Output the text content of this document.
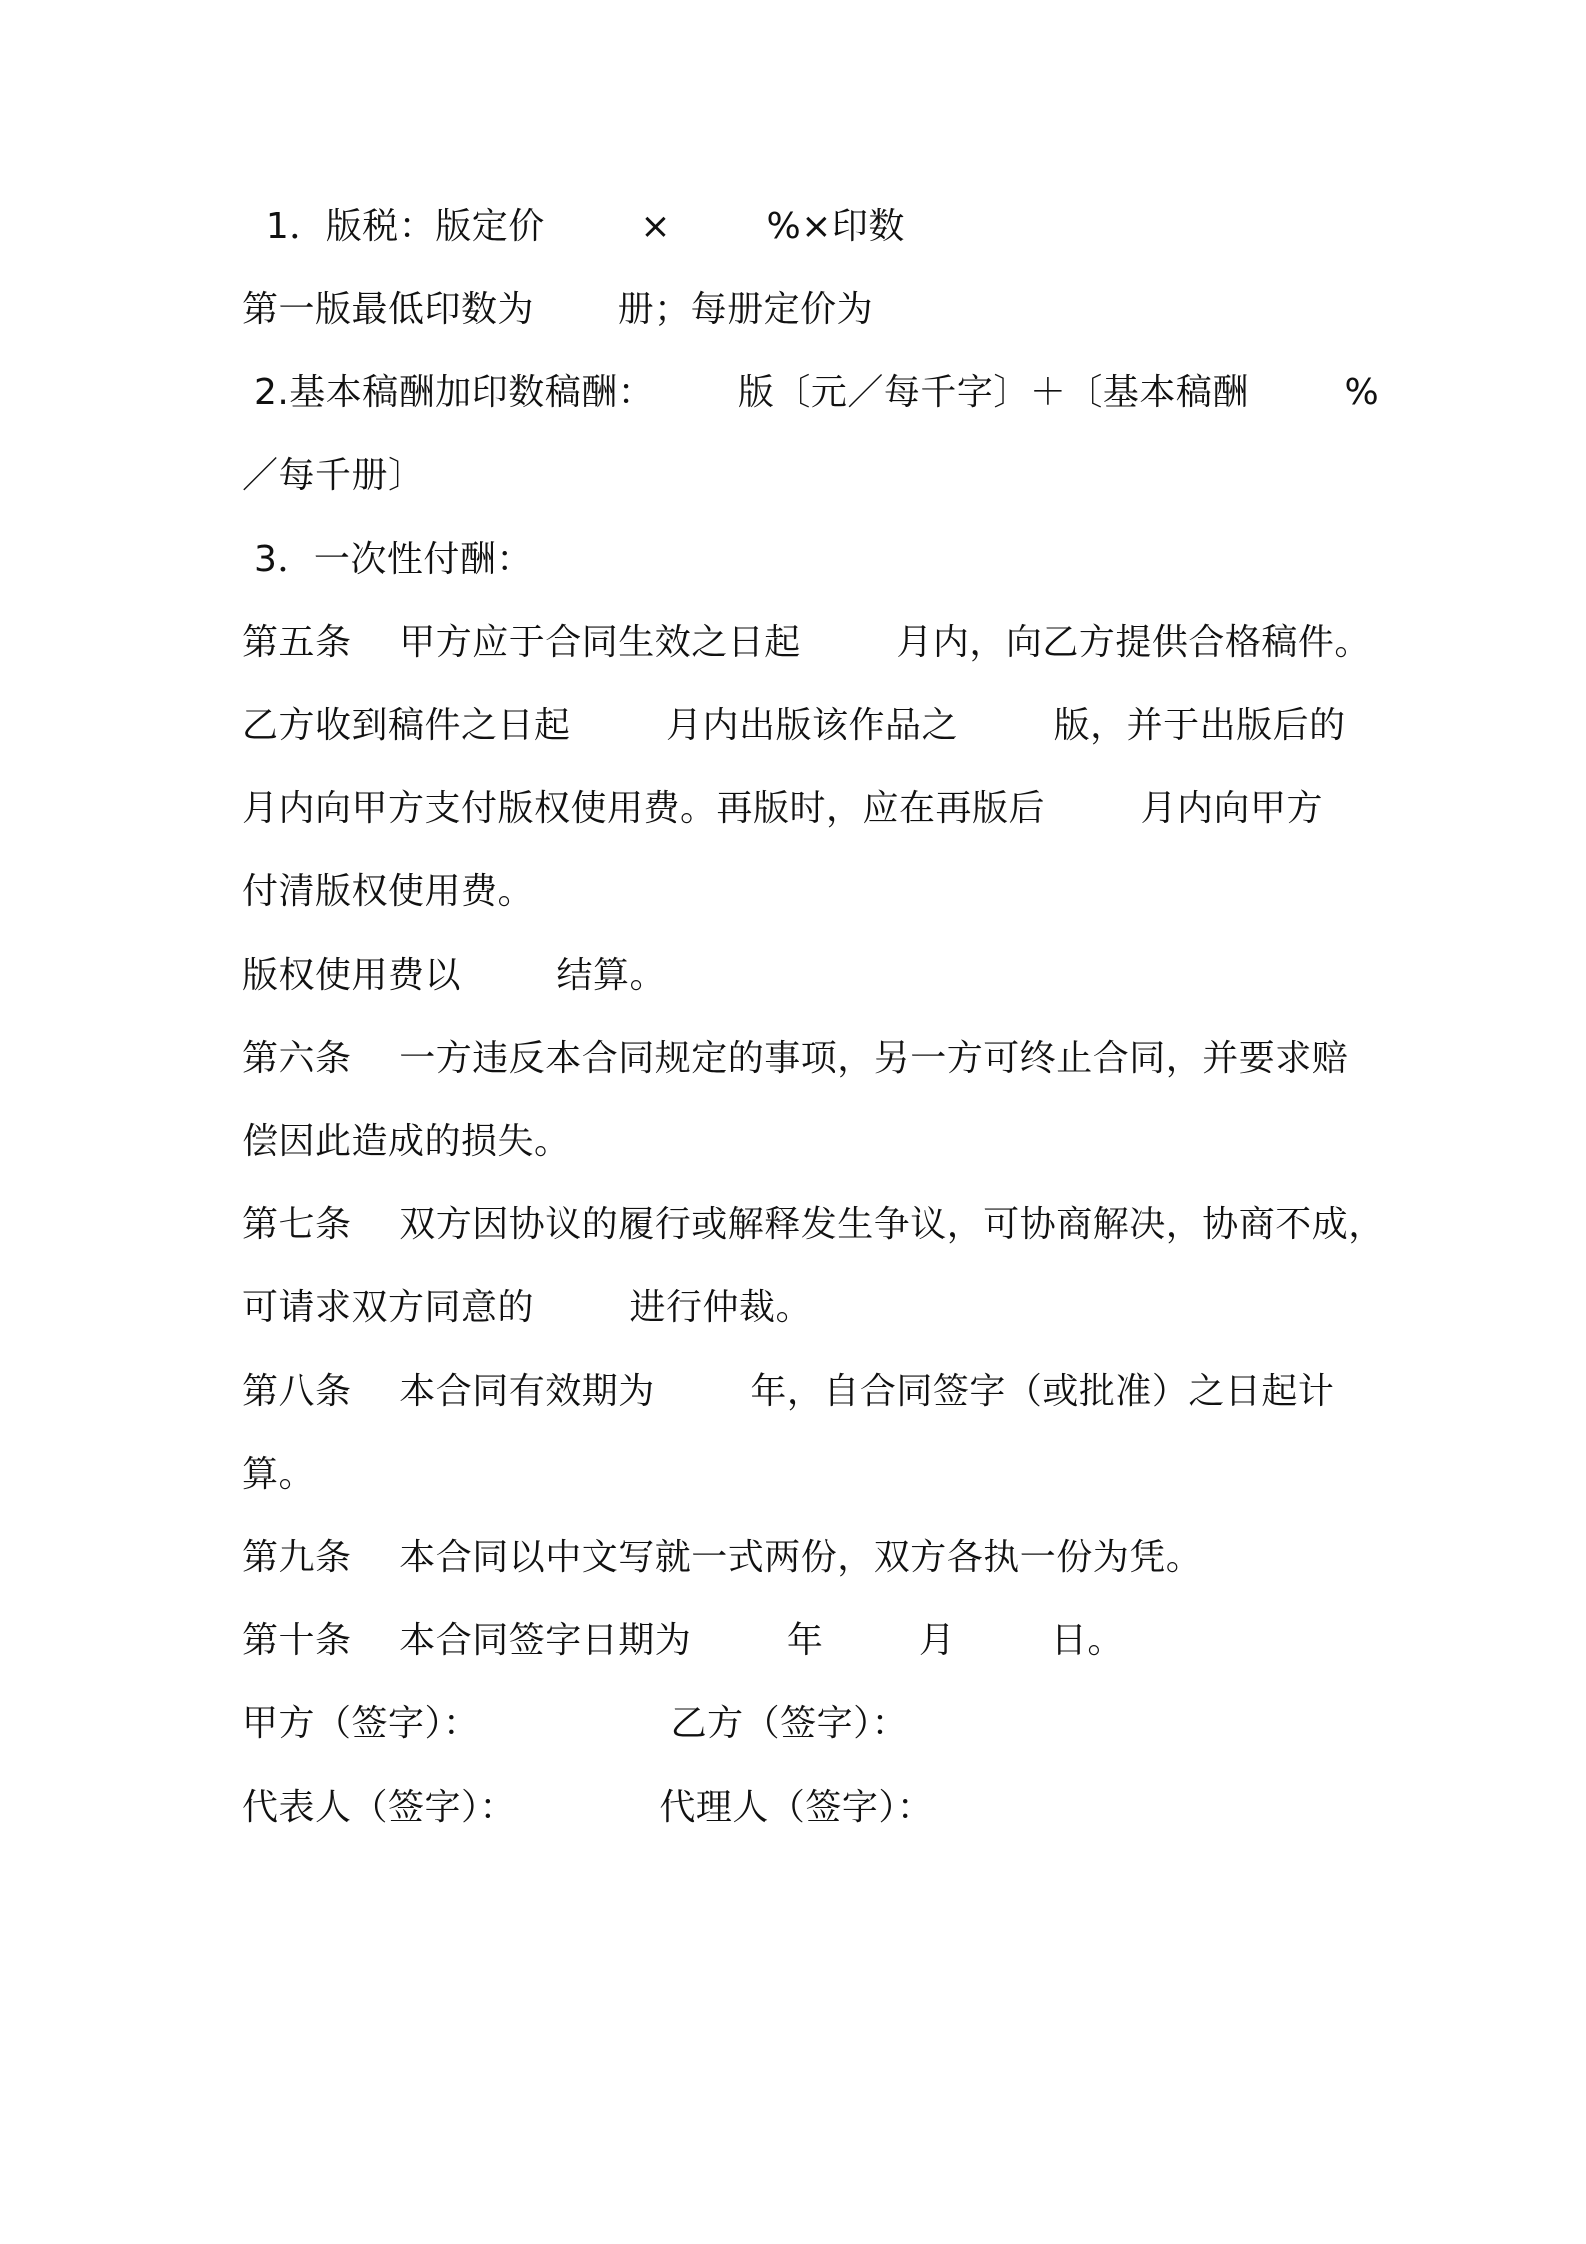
1．版税：版定价        ×        %×印数
第一版最低印数为       册；每册定价为
2.基本稿酬加印数稿酬：       版〔元／每千字〕＋〔基本稿酬        %
／每千册〕
3．一次性付酬：
第五条    甲方应于合同生效之日起        月内，向乙方提供合格稿件。
乙方收到稿件之日起        月内出版该作品之        版，并于出版后的
月内向甲方支付版权使用费。再版时，应在再版后        月内向甲方
付清版权使用费。
版权使用费以        结算。
第六条    一方违反本合同规定的事项，另一方可终止合同，并要求赔
偿因此造成的损失。
第七条    双方因协议的履行或解释发生争议，可协商解决，协商不成，
可请求双方同意的        进行仲裁。
第八条    本合同有效期为        年，自合同签字（或批准）之日起计
算。
第九条    本合同以中文写就一式两份，双方各执一份为凭。
第十条    本合同签字日期为        年        月        日。
甲方（签字）：                乙方（签字）：
代表人（签字）：            代理人（签字）：
